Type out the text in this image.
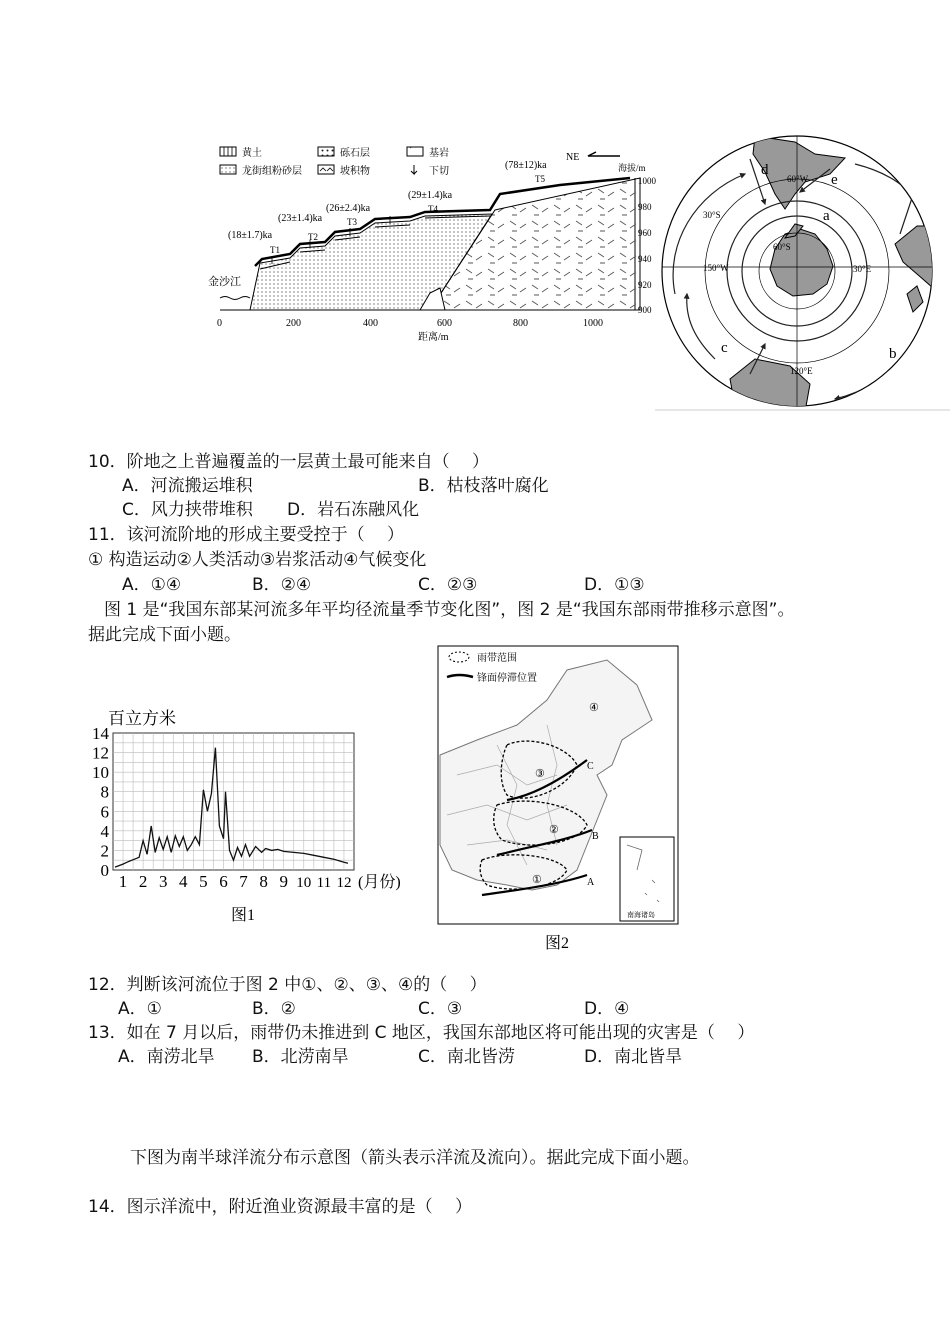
黄土	砾石层	基岩
龙街组粉砂层	坡积物	下切
金沙江
(18±1.7)ka
T1
(23±1.4)ka
T2
(26±2.4)ka
T3
(29±1.4)ka
T4
(78±12)ka
T5
NE
海拔/m
1000
980
960
940
920
900
0	200	400	600	800	1000
距离/m
a
b
c
d
e
30°S
60°S
60°W
150°W	30°E
120°E
10．阶地之上普遍覆盖的一层黄土最可能来自（　 ）
A．河流搬运堆积	B．枯枝落叶腐化
C．风力挟带堆积 D．岩石冻融风化
11．该河流阶地的形成主要受控于（　 ）
① 构造运动②人类活动③岩浆活动④气候变化
A．①④	B．②④	C．②③	D．①③
图 1 是“我国东部某河流多年平均径流量季节变化图”，图 2 是“我国东部雨带推移示意图”。
据此完成下面小题。
百立方米
0
2
4
6
8
10
12
14
1 2 3 4 5 6 7 8 9 10 11 12 (月份)
图1
雨带范围
锋面停滞位置
①
②
③
④
A
B
C
南海诸岛
图2
12．判断该河流位于图 2 中①、②、③、④的（　 ）
A．①	B．②	C．③	D．④
13．如在 7 月以后，雨带仍未推进到 C 地区，我国东部地区将可能出现的灾害是（　 ）
A．南涝北旱 B．北涝南旱	C．南北皆涝	D．南北皆旱
下图为南半球洋流分布示意图（箭头表示洋流及流向）。据此完成下面小题。
14．图示洋流中，附近渔业资源最丰富的是（　 ）
